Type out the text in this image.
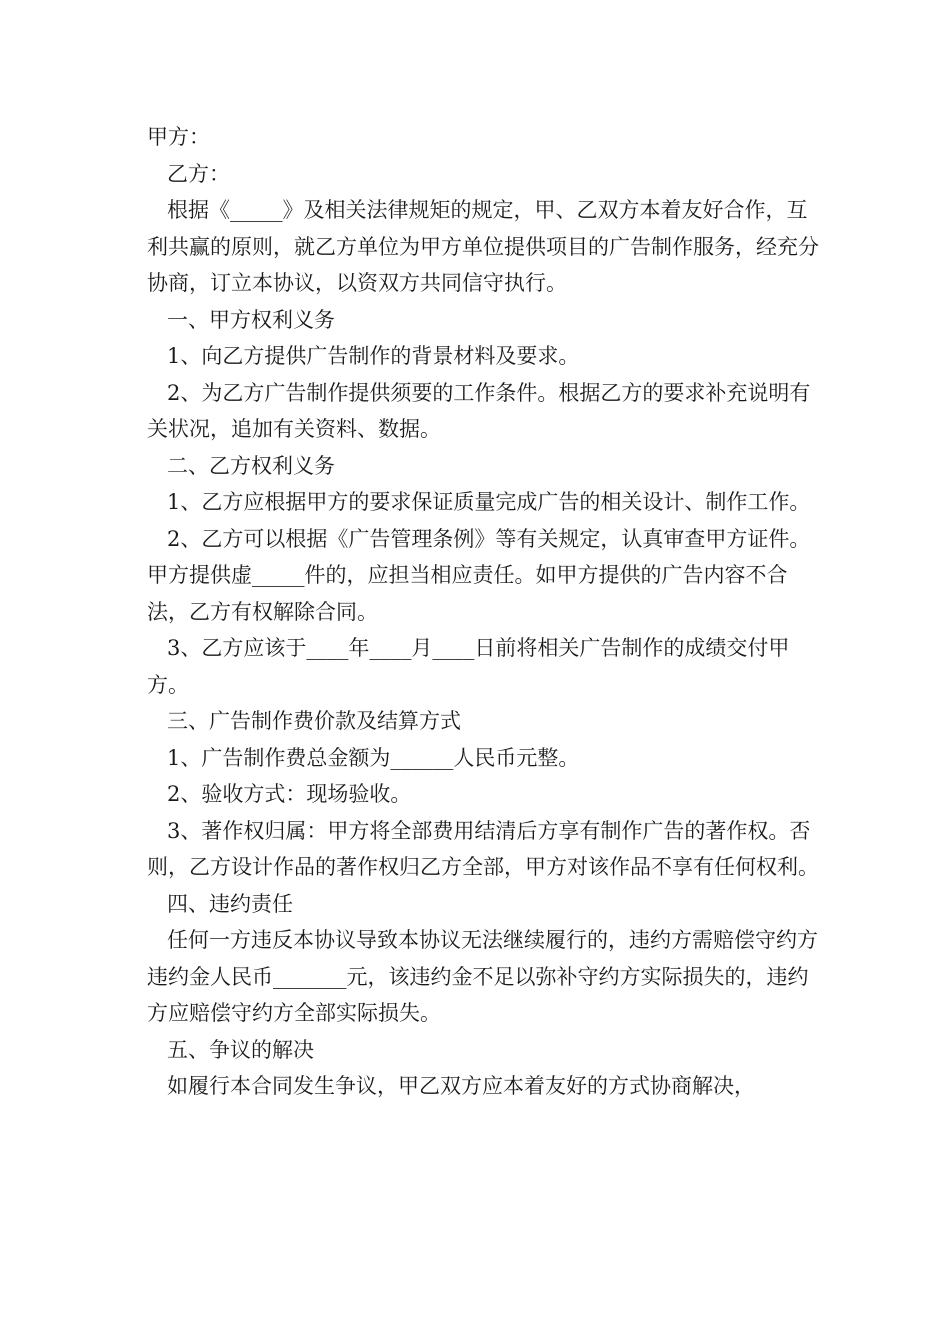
甲方：

乙方：

根据《_____》及相关法律规矩的规定，甲、乙双方本着友好合作，互利共赢的原则，就乙方单位为甲方单位提供项目的广告制作服务，经充分协商，订立本协议，以资双方共同信守执行。

一、甲方权利义务

1、向乙方提供广告制作的背景材料及要求。

2、为乙方广告制作提供须要的工作条件。根据乙方的要求补充说明有关状况，追加有关资料、数据。

二、乙方权利义务

1、乙方应根据甲方的要求保证质量完成广告的相关设计、制作工作。

2、乙方可以根据《广告管理条例》等有关规定，认真审查甲方证件。甲方提供虚_____件的，应担当相应责任。如甲方提供的广告内容不合法，乙方有权解除合同。

3、乙方应该于____年____月____日前将相关广告制作的成绩交付甲方。

三、广告制作费价款及结算方式

1、广告制作费总金额为______人民币元整。

2、验收方式：现场验收。

3、著作权归属：甲方将全部费用结清后方享有制作广告的著作权。否则，乙方设计作品的著作权归乙方全部，甲方对该作品不享有任何权利。

四、违约责任

任何一方违反本协议导致本协议无法继续履行的，违约方需赔偿守约方违约金人民币_______元，该违约金不足以弥补守约方实际损失的，违约方应赔偿守约方全部实际损失。

五、争议的解决

如履行本合同发生争议，甲乙双方应本着友好的方式协商解决，
